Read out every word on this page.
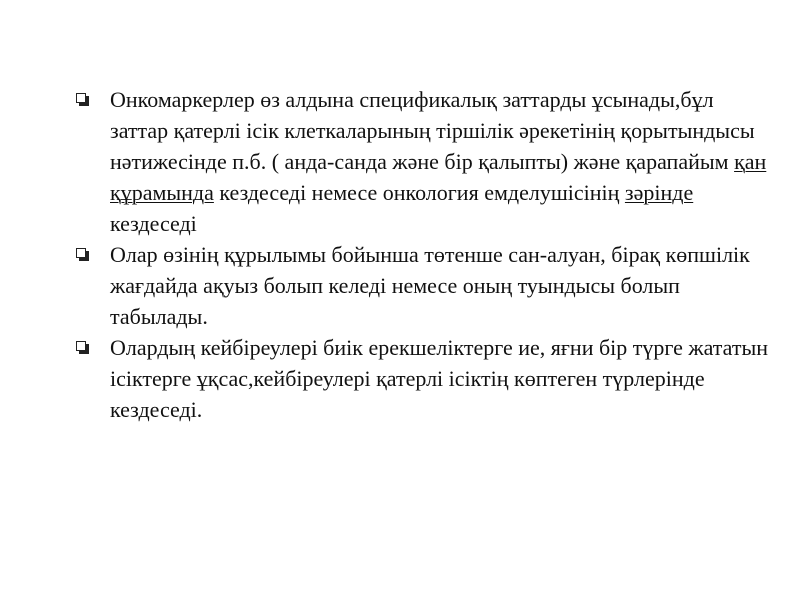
Онкомаркерлер өз алдына спецификалық заттарды ұсынады,бұл заттар қатерлі ісік клеткаларының тіршілік әрекетінің қорытындысы нәтижесінде п.б. ( анда-санда және бір қалыпты) және қарапайым қан құрамында кездеседі немесе онкология емделушісінің зәрінде кездеседі
Олар өзінің құрылымы бойынша төтенше сан-алуан, бірақ көпшілік жағдайда ақуыз болып келеді немесе оның туындысы болып табылады.
Олардың кейбіреулері биік ерекшеліктерге ие, яғни бір түрге жататын ісіктерге ұқсас,кейбіреулері қатерлі ісіктің көптеген түрлерінде кездеседі.
